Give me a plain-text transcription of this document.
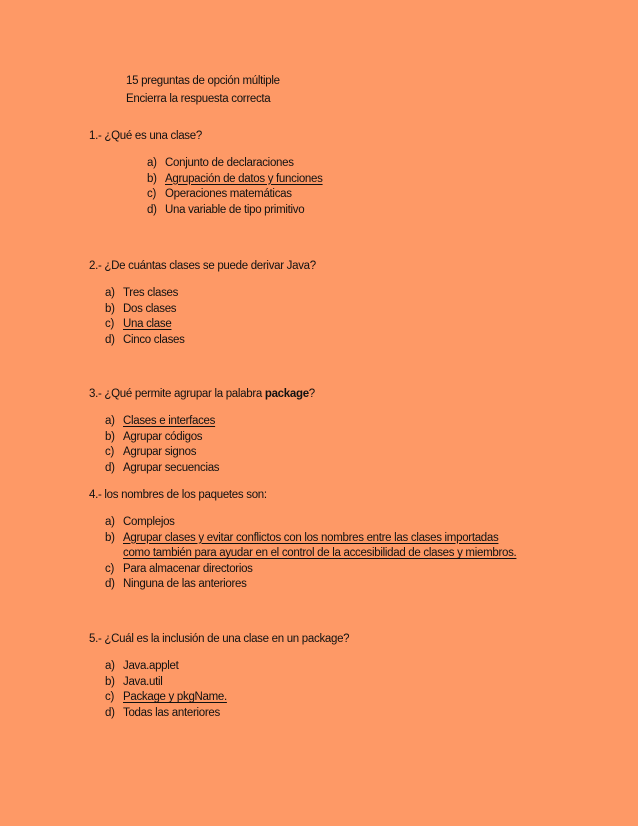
15 preguntas de opción múltiple
Encierra la respuesta correcta
1.- ¿Qué es una clase?
a) Conjunto de declaraciones
b) Agrupación de datos y funciones
c) Operaciones matemáticas
d) Una variable de tipo primitivo
2.- ¿De cuántas clases se puede derivar Java?
a) Tres clases
b) Dos clases
c) Una clase
d) Cinco clases
3.- ¿Qué permite agrupar la palabra package?
a) Clases e interfaces
b) Agrupar códigos
c) Agrupar signos
d) Agrupar secuencias
4.- los nombres de los paquetes son:
a) Complejos
b) Agrupar clases y evitar conflictos con los nombres entre las clases importadas como también para ayudar en el control de la accesibilidad de clases y miembros.
c) Para almacenar directorios
d) Ninguna de las anteriores
5.- ¿Cuál es la inclusión de una clase en un package?
a) Java.applet
b) Java.util
c) Package y pkgName.
d) Todas las anteriores
